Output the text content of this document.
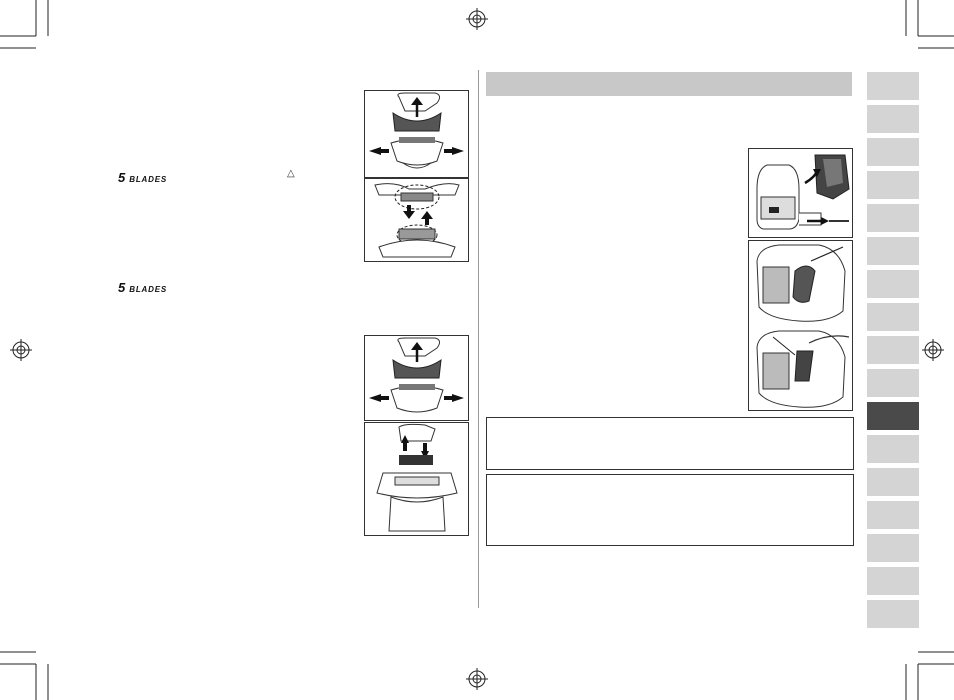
5 BLADES
△
5 BLADES
